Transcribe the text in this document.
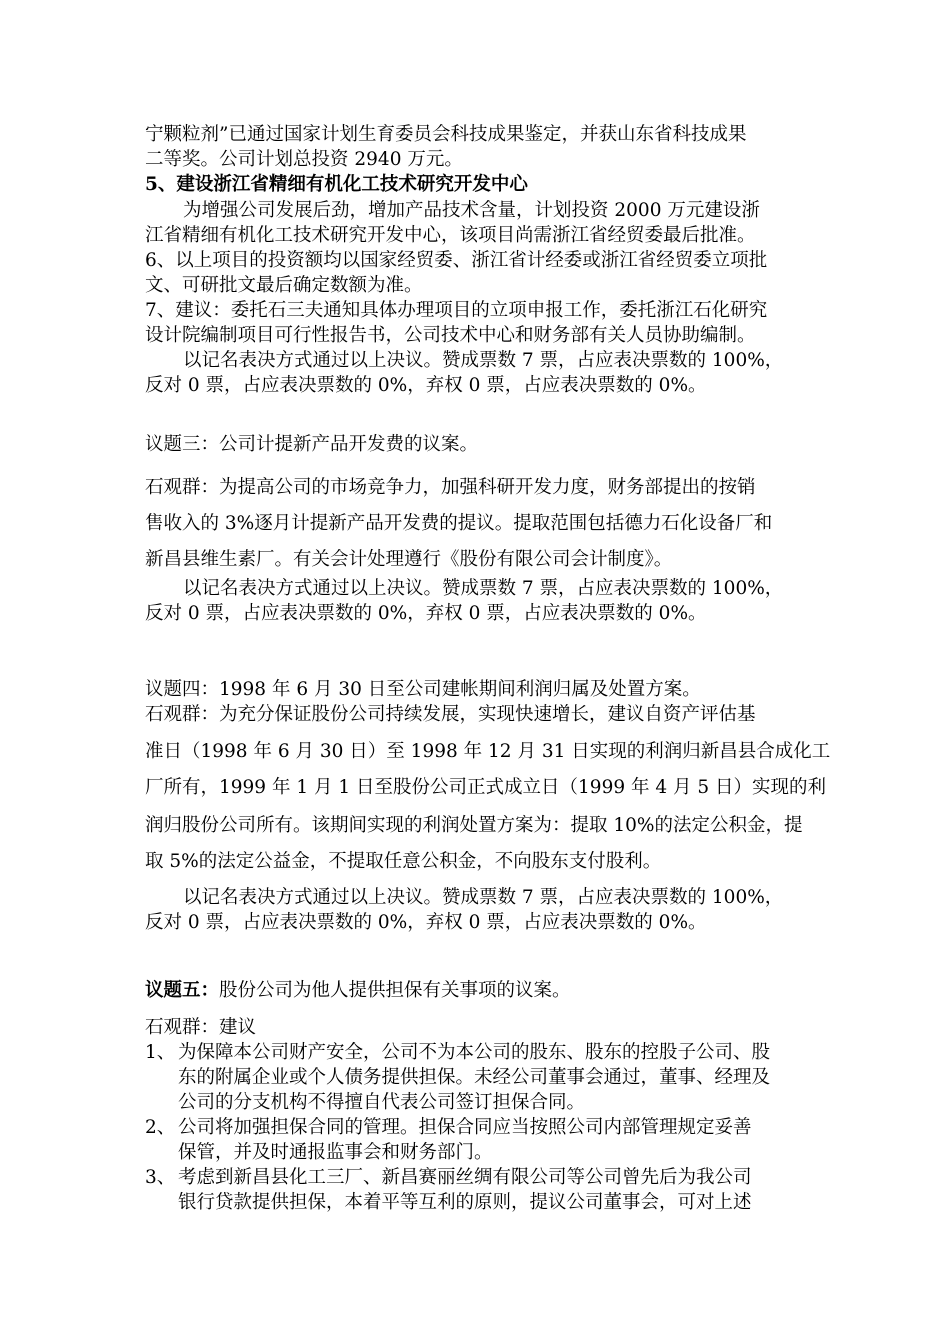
宁颗粒剂”已通过国家计划生育委员会科技成果鉴定，并获山东省科技成果
二等奖。公司计划总投资 2940 万元。
5、建设浙江省精细有机化工技术研究开发中心
为增强公司发展后劲，增加产品技术含量，计划投资 2000 万元建设浙
江省精细有机化工技术研究开发中心，该项目尚需浙江省经贸委最后批准。
6、以上项目的投资额均以国家经贸委、浙江省计经委或浙江省经贸委立项批
文、可研批文最后确定数额为准。
7、建议：委托石三夫通知具体办理项目的立项申报工作，委托浙江石化研究
设计院编制项目可行性报告书，公司技术中心和财务部有关人员协助编制。
以记名表决方式通过以上决议。赞成票数 7 票，占应表决票数的 100%，
反对 0 票，占应表决票数的 0%，弃权 0 票，占应表决票数的 0%。
议题三：公司计提新产品开发费的议案。
石观群：为提高公司的市场竞争力，加强科研开发力度，财务部提出的按销
售收入的 3%逐月计提新产品开发费的提议。提取范围包括德力石化设备厂和
新昌县维生素厂。有关会计处理遵行《股份有限公司会计制度》。
以记名表决方式通过以上决议。赞成票数 7 票，占应表决票数的 100%，
反对 0 票，占应表决票数的 0%，弃权 0 票，占应表决票数的 0%。
议题四：1998 年 6 月 30 日至公司建帐期间利润归属及处置方案。
石观群：为充分保证股份公司持续发展，实现快速增长，建议自资产评估基
准日（1998 年 6 月 30 日）至 1998 年 12 月 31 日实现的利润归新昌县合成化工
厂所有，1999 年 1 月 1 日至股份公司正式成立日（1999 年 4 月 5 日）实现的利
润归股份公司所有。该期间实现的利润处置方案为：提取 10%的法定公积金，提
取 5%的法定公益金，不提取任意公积金，不向股东支付股利。
以记名表决方式通过以上决议。赞成票数 7 票，占应表决票数的 100%，
反对 0 票，占应表决票数的 0%，弃权 0 票，占应表决票数的 0%。
议题五：股份公司为他人提供担保有关事项的议案。
石观群：建议
1、 为保障本公司财产安全，公司不为本公司的股东、股东的控股子公司、股
东的附属企业或个人债务提供担保。未经公司董事会通过，董事、经理及
公司的分支机构不得擅自代表公司签订担保合同。
2、 公司将加强担保合同的管理。担保合同应当按照公司内部管理规定妥善
保管，并及时通报监事会和财务部门。
3、 考虑到新昌县化工三厂、新昌赛丽丝绸有限公司等公司曾先后为我公司
银行贷款提供担保，本着平等互利的原则，提议公司董事会，可对上述
